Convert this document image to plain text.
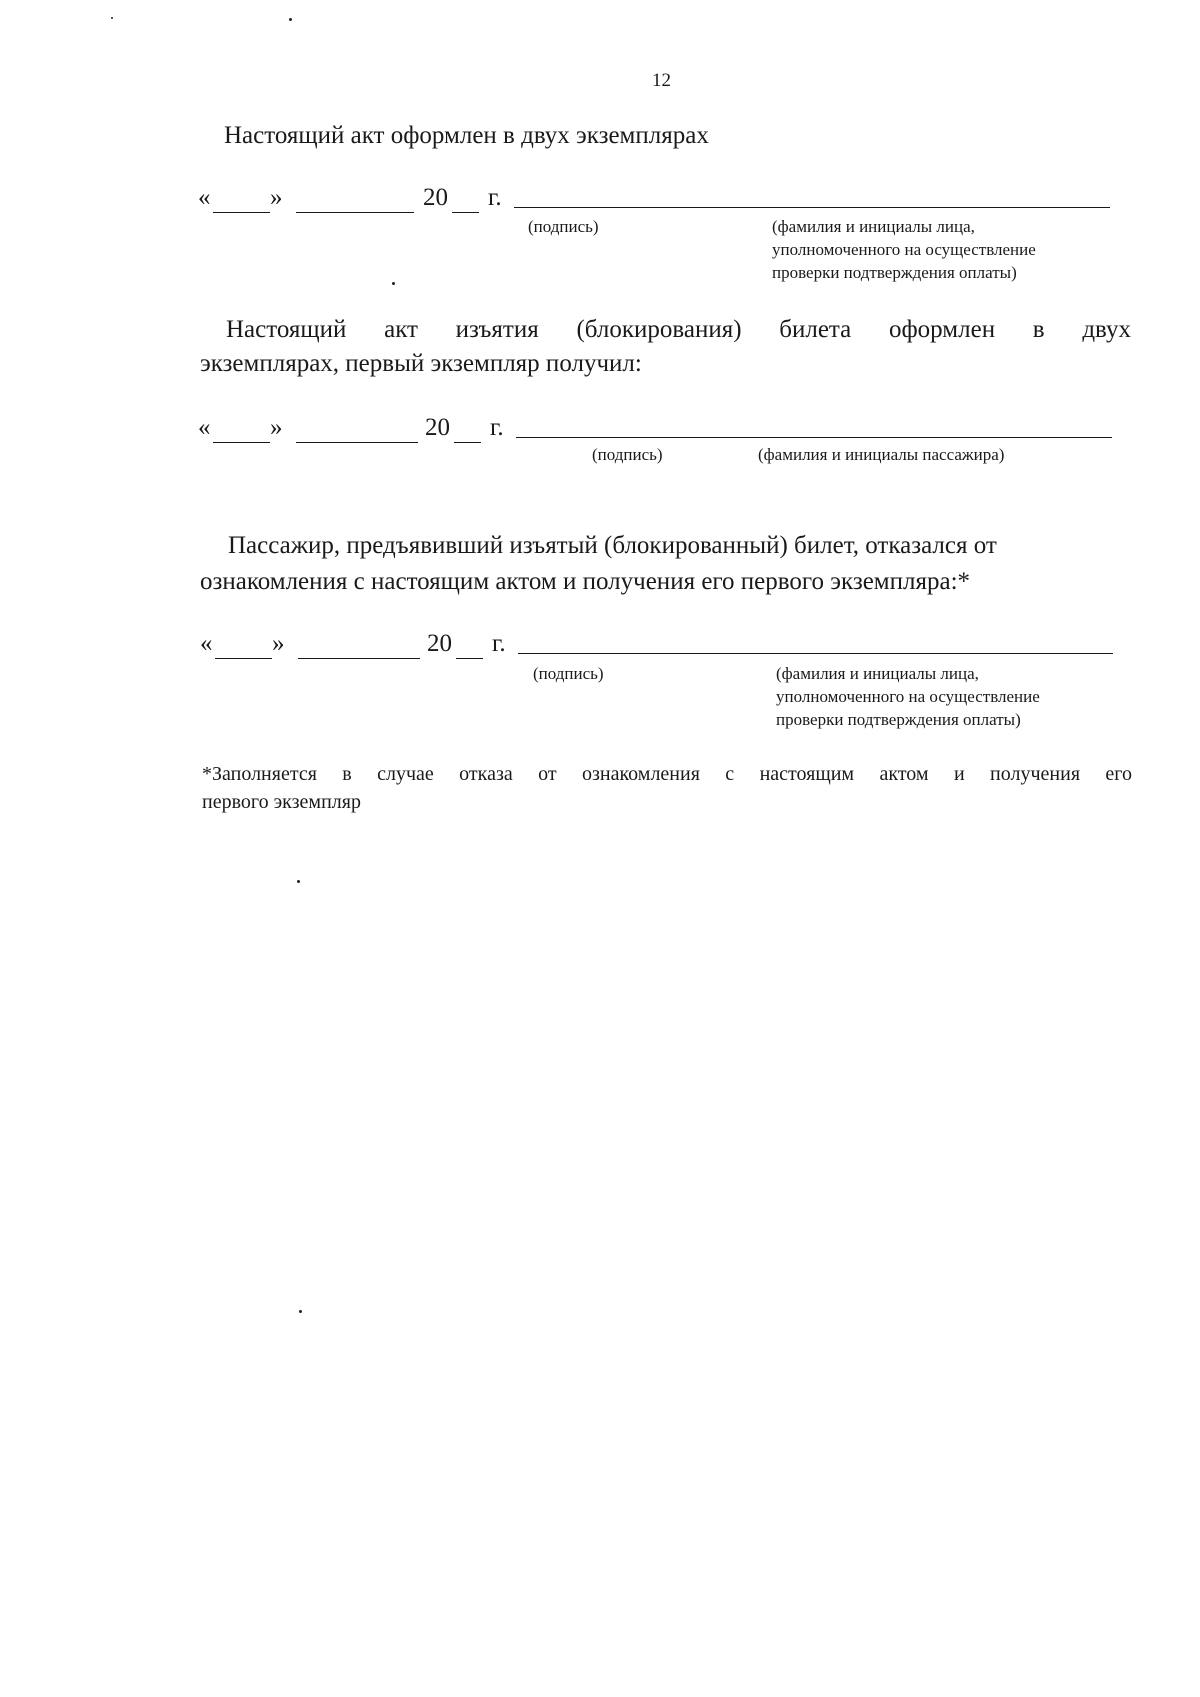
12
Настоящий акт оформлен в двух экземплярах
« »	20 г.
(подпись)	(фамилия и инициалы лица,
уполномоченного на осуществление
проверки подтверждения оплаты)
Настоящий акт изъятия (блокирования) билета оформлен в двух
экземплярах, первый экземпляр получил:
« »	20 г.
(подпись)	(фамилия и инициалы пассажира)
Пассажир, предъявивший изъятый (блокированный) билет, отказался от
ознакомления с настоящим актом и получения его первого экземпляра:*
« »	20 г.
(подпись)	(фамилия и инициалы лица,
уполномоченного на осуществление
проверки подтверждения оплаты)
*Заполняется в случае отказа от ознакомления с настоящим актом и получения его
первого экземпляр
